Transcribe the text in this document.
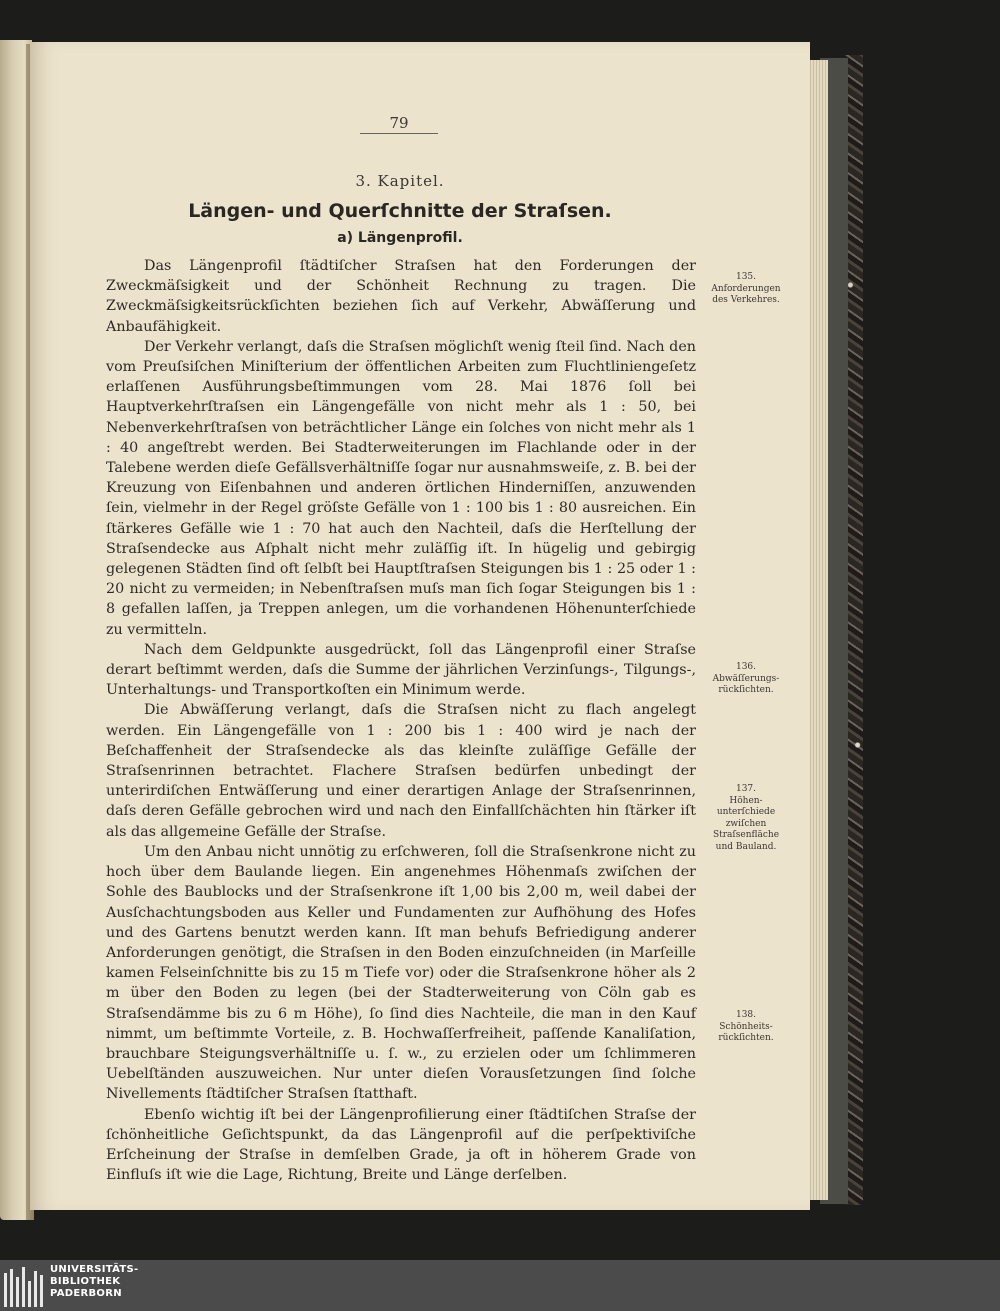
79
3. Kapitel.
Längen- und Querſchnitte der Straſsen.
a) Längenprofil.

Das Längenprofil ſtädtiſcher Straſsen hat den Forderungen der Zweckmäſsigkeit und der Schönheit Rechnung zu tragen. Die Zweckmäſsigkeitsrückſichten beziehen ſich auf Verkehr, Abwäſſerung und Anbaufähigkeit.

Der Verkehr verlangt, daſs die Straſsen möglichſt wenig ſteil ſind. Nach den vom Preuſsiſchen Miniſterium der öffentlichen Arbeiten zum Fluchtliniengeſetz erlaſſenen Ausführungsbeſtimmungen vom 28. Mai 1876 ſoll bei Hauptverkehrſtraſsen ein Längengefälle von nicht mehr als 1 : 50, bei Nebenverkehrſtraſsen von beträchtlicher Länge ein ſolches von nicht mehr als 1 : 40 angeſtrebt werden. Bei Stadterweiterungen im Flachlande oder in der Talebene werden dieſe Gefällsverhältniſſe ſogar nur ausnahmsweiſe, z. B. bei der Kreuzung von Eiſenbahnen und anderen örtlichen Hinderniſſen, anzuwenden ſein, vielmehr in der Regel gröſste Gefälle von 1 : 100 bis 1 : 80 ausreichen. Ein ſtärkeres Gefälle wie 1 : 70 hat auch den Nachteil, daſs die Herſtellung der Straſsendecke aus Aſphalt nicht mehr zuläſſig iſt. In hügelig und gebirgig gelegenen Städten ſind oft ſelbſt bei Hauptſtraſsen Steigungen bis 1 : 25 oder 1 : 20 nicht zu vermeiden; in Nebenſtraſsen muſs man ſich ſogar Steigungen bis 1 : 8 gefallen laſſen, ja Treppen anlegen, um die vorhandenen Höhenunterſchiede zu vermitteln.

Nach dem Geldpunkte ausgedrückt, ſoll das Längenprofil einer Straſse derart beſtimmt werden, daſs die Summe der jährlichen Verzinſungs-, Tilgungs-, Unterhaltungs- und Transportkoſten ein Minimum werde.

Die Abwäſſerung verlangt, daſs die Straſsen nicht zu flach angelegt werden. Ein Längengefälle von 1 : 200 bis 1 : 400 wird je nach der Beſchaffenheit der Straſsendecke als das kleinſte zuläſſige Gefälle der Straſsenrinnen betrachtet. Flachere Straſsen bedürfen unbedingt der unterirdiſchen Entwäſſerung und einer derartigen Anlage der Straſsenrinnen, daſs deren Gefälle gebrochen wird und nach den Einfallſchächten hin ſtärker iſt als das allgemeine Gefälle der Straſse.

Um den Anbau nicht unnötig zu erſchweren, ſoll die Straſsenkrone nicht zu hoch über dem Baulande liegen. Ein angenehmes Höhenmaſs zwiſchen der Sohle des Baublocks und der Straſsenkrone iſt 1,00 bis 2,00 m, weil dabei der Ausſchachtungsboden aus Keller und Fundamenten zur Aufhöhung des Hofes und des Gartens benutzt werden kann. Iſt man behufs Befriedigung anderer Anforderungen genötigt, die Straſsen in den Boden einzuſchneiden (in Marſeille kamen Felseinſchnitte bis zu 15 m Tiefe vor) oder die Straſsenkrone höher als 2 m über den Boden zu legen (bei der Stadterweiterung von Cöln gab es Straſsendämme bis zu 6 m Höhe), ſo ſind dies Nachteile, die man in den Kauf nimmt, um beſtimmte Vorteile, z. B. Hochwaſſerfreiheit, paſſende Kanaliſation, brauchbare Steigungsverhältniſſe u. ſ. w., zu erzielen oder um ſchlimmeren Uebelſtänden auszuweichen. Nur unter dieſen Vorausſetzungen ſind ſolche Nivellements ſtädtiſcher Straſsen ſtatthaft.

Ebenſo wichtig iſt bei der Längenprofilierung einer ſtädtiſchen Straſse der ſchönheitliche Geſichtspunkt, da das Längenprofil auf die perſpektiviſche Erſcheinung der Straſse in demſelben Grade, ja oft in höherem Grade von Einfluſs iſt wie die Lage, Richtung, Breite und Länge derſelben.

135.
Anforderungen des Verkehres.
136.
Abwäſſerungs-rückſichten.
137.
Höhen-unterſchiede zwiſchen Straſsenfläche und Bauland.
138.
Schönheits-rückſichten.
UNIVERSITÄTS-
BIBLIOTHEK
PADERBORN
